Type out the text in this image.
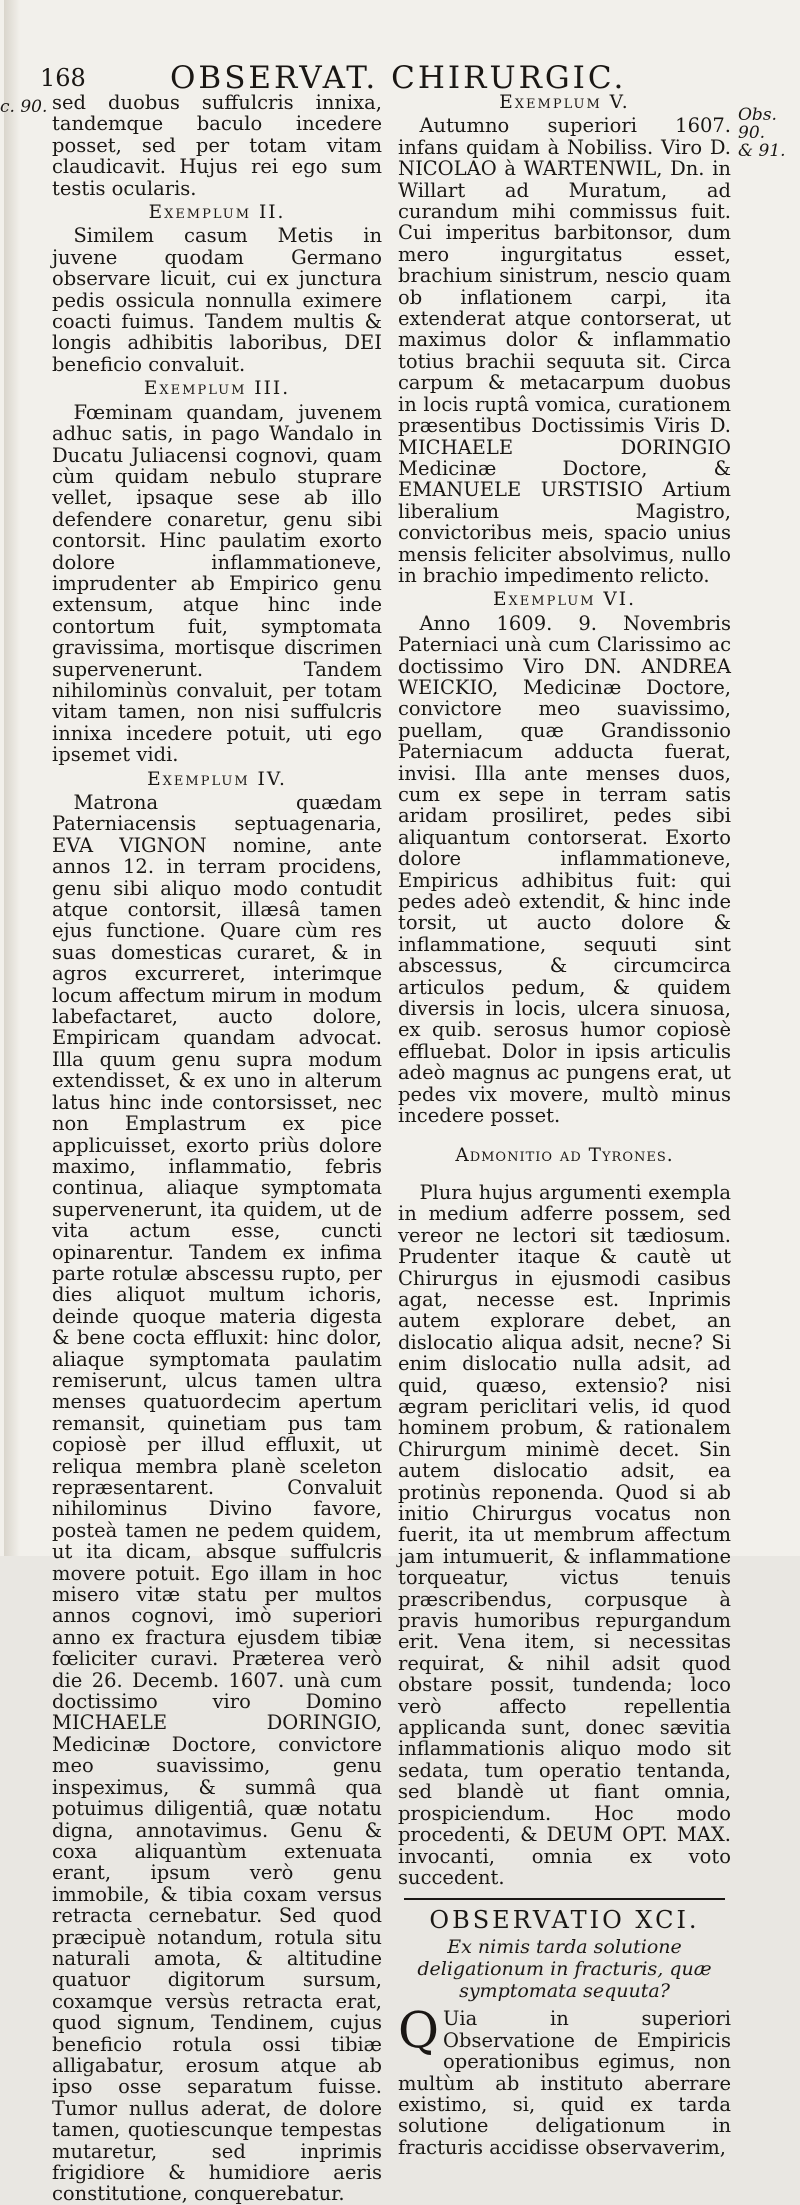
168	OBSERVAT. CHIRURGIC.
c. 90.	Obs. 90.
& 91.

sed duobus suffulcris innixa, tandemque baculo incedere posset, sed per totam vitam claudicavit. Hujus rei ego sum testis ocularis.

Exemplum II.

Similem casum Metis in juvene quodam Germano observare licuit, cui ex junctura pedis ossicula nonnulla eximere coacti fuimus. Tandem multis & longis adhibitis laboribus, DEI beneficio convaluit.

Exemplum III.

Fœminam quandam, juvenem adhuc satis, in pago Wandalo in Ducatu Juliacensi cognovi, quam cùm quidam nebulo stuprare vellet, ipsaque sese ab illo defendere conaretur, genu sibi contorsit. Hinc paulatim exorto dolore inflammationeve, imprudenter ab Empirico genu extensum, atque hinc inde contortum fuit, symptomata gravissima, mortisque discrimen supervenerunt. Tandem nihilominùs convaluit, per totam vitam tamen, non nisi suffulcris innixa incedere potuit, uti ego ipsemet vidi.

Exemplum IV.

Matrona quædam Paterniacensis septuagenaria, EVA VIGNON nomine, ante annos 12. in terram procidens, genu sibi aliquo modo contudit atque contorsit, illæsâ tamen ejus functione. Quare cùm res suas domesticas curaret, & in agros excurreret, interimque locum affectum mirum in modum labefactaret, aucto dolore, Empiricam quandam advocat. Illa quum genu supra modum extendisset, & ex uno in alterum latus hinc inde contorsisset, nec non Emplastrum ex pice applicuisset, exorto priùs dolore maximo, inflammatio, febris continua, aliaque symptomata supervenerunt, ita quidem, ut de vita actum esse, cuncti opinarentur. Tandem ex infima parte rotulæ abscessu rupto, per dies aliquot multum ichoris, deinde quoque materia digesta & bene cocta effluxit: hinc dolor, aliaque symptomata paulatim remiserunt, ulcus tamen ultra menses quatuordecim apertum remansit, quinetiam pus tam copiosè per illud effluxit, ut reliqua membra planè sceleton repræsentarent. Convaluit nihilominus Divino favore, posteà tamen ne pedem quidem, ut ita dicam, absque suffulcris movere potuit. Ego illam in hoc misero vitæ statu per multos annos cognovi, imò superiori anno ex fractura ejusdem tibiæ fœliciter curavi. Præterea verò die 26. Decemb. 1607. unà cum doctissimo viro Domino MICHAELE DORINGIO, Medicinæ Doctore, convictore meo suavissimo, genu inspeximus, & summâ qua potuimus diligentiâ, quæ notatu digna, annotavimus. Genu & coxa aliquantùm extenuata erant, ipsum verò genu immobile, & tibia coxam versus retracta cernebatur. Sed quod præcipuè notandum, rotula situ naturali amota, & altitudine quatuor digitorum sursum, coxamque versùs retracta erat, quod signum, Tendinem, cujus beneficio rotula ossi tibiæ alligabatur, erosum atque ab ipso osse separatum fuisse. Tumor nullus aderat, de dolore tamen, quotiescunque tempestas mutaretur, sed inprimis frigidiore & humidiore aeris constitutione, conquerebatur.

Exemplum V.

Autumno superiori 1607. infans quidam à Nobiliss. Viro D. NICOLAO à WARTENWIL, Dn. in Willart ad Muratum, ad curandum mihi commissus fuit. Cui imperitus barbitonsor, dum mero ingurgitatus esset, brachium sinistrum, nescio quam ob inflationem carpi, ita extenderat atque contorserat, ut maximus dolor & inflammatio totius brachii sequuta sit. Circa carpum & metacarpum duobus in locis ruptâ vomica, curationem præsentibus Doctissimis Viris D. MICHAELE DORINGIO Medicinæ Doctore, & EMANUELE URSTISIO Artium liberalium Magistro, convictoribus meis, spacio unius mensis feliciter absolvimus, nullo in brachio impedimento relicto.

Exemplum VI.

Anno 1609. 9. Novembris Paterniaci unà cum Clarissimo ac doctissimo Viro DN. ANDREA WEICKIO, Medicinæ Doctore, convictore meo suavissimo, puellam, quæ Grandissonio Paterniacum adducta fuerat, invisi. Illa ante menses duos, cum ex sepe in terram satis aridam prosiliret, pedes sibi aliquantum contorserat. Exorto dolore inflammationeve, Empiricus adhibitus fuit: qui pedes adeò extendit, & hinc inde torsit, ut aucto dolore & inflammatione, sequuti sint abscessus, & circumcirca articulos pedum, & quidem diversis in locis, ulcera sinuosa, ex quib. serosus humor copiosè effluebat. Dolor in ipsis articulis adeò magnus ac pungens erat, ut pedes vix movere, multò minus incedere posset.

Admonitio ad Tyrones.

Plura hujus argumenti exempla in medium adferre possem, sed vereor ne lectori sit tædiosum. Prudenter itaque & cautè ut Chirurgus in ejusmodi casibus agat, necesse est. Inprimis autem explorare debet, an dislocatio aliqua adsit, necne? Si enim dislocatio nulla adsit, ad quid, quæso, extensio? nisi ægram periclitari velis, id quod hominem probum, & rationalem Chirurgum minimè decet. Sin autem dislocatio adsit, ea protinùs reponenda. Quod si ab initio Chirurgus vocatus non fuerit, ita ut membrum affectum jam intumuerit, & inflammatione torqueatur, victus tenuis præscribendus, corpusque à pravis humoribus repurgandum erit. Vena item, si necessitas requirat, & nihil adsit quod obstare possit, tundenda; loco verò affecto repellentia applicanda sunt, donec sævitia inflammationis aliquo modo sit sedata, tum operatio tentanda, sed blandè ut fiant omnia, prospiciendum. Hoc modo procedenti, & DEUM OPT. MAX. invocanti, omnia ex voto succedent.

OBSERVATIO XCI.
Ex nimis tarda solutione deligationum in fracturis, quæ symptomata sequuta?

Q Uia in superiori Observatione de Empiricis operationibus egimus, non multùm ab instituto aberrare existimo, si, quid ex tarda solutione deligationum in fracturis accidisse observaverim,
